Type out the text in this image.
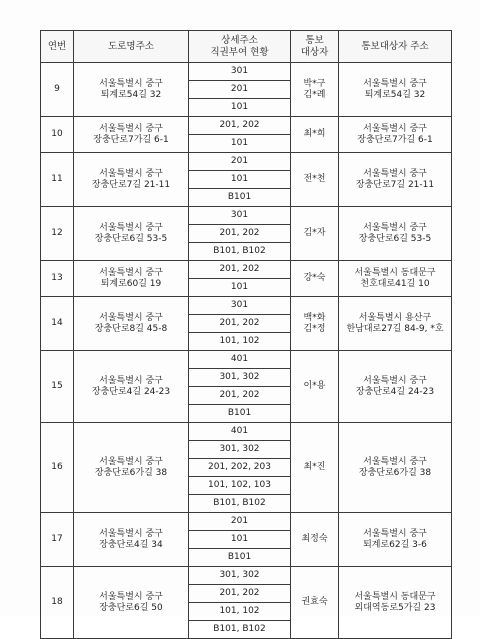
연번	도로명주소	상세주소
직권부여 현황	통보
대상자	통보대상자 주소
9	서울특별시 중구
퇴계로54길 32	301	박*구
김*례	서울특별시 중구
퇴계로54길 32

		201		
		101		
10	서울특별시 중구
장충단로7가길 6-1	201, 202	최*희	서울특별시 중구
장충단로7가길 6-1

		101		
11	서울특별시 중구
장충단로7길 21-11	201	전*천	서울특별시 중구
장충단로7길 21-11

		101		
		B101		
12	서울특별시 중구
장충단로6길 53-5	301	김*자	서울특별시 중구
장충단로6길 53-5

		201, 202		
		B101, B102		
13	서울특별시 중구
퇴계로60길 19	201, 202	강*숙	서울특별시 동대문구
천호대로41길 10

		101		
14	서울특별시 중구
장충단로8길 45-8	301	백*화
김*정	서울특별시 용산구
한남대로27길 84-9, *호

		201, 202		
		101, 102		
15	서울특별시 중구
장충단로4길 24-23	401	이*용	서울특별시 중구
장충단로4길 24-23

		301, 302		
		201, 202		
		B101		
16	서울특별시 중구
장충단로6가길 38	401	최*진	서울특별시 중구
장충단로6가길 38

		301, 302		
		201, 202, 203		
		101, 102, 103		
		B101, B102		
17	서울특별시 중구
장충단로4길 34	201	최정숙	서울특별시 중구
퇴계로62길 3-6

		101		
		B101		
18	서울특별시 중구
장충단로6길 50	301, 302	권효숙	서울특별시 동대문구
외대역동로5가길 23

		201, 202		
		101, 102		
		B101, B102		
